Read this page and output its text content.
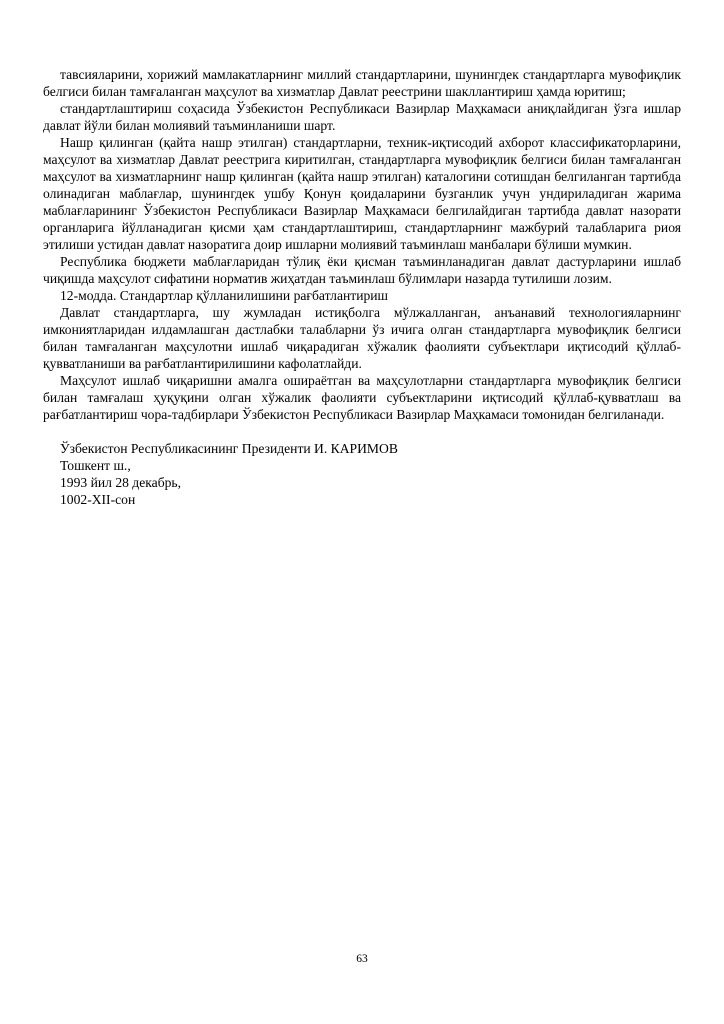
тавсияларини, хорижий мамлакатларнинг миллий стандартларини, шунингдек стандартларга мувофиқлик белгиси билан тамғаланган маҳсулот ва хизматлар Давлат реестрини шакллантириш ҳамда юритиш;

стандартлаштириш соҳасида Ўзбекистон Республикаси Вазирлар Маҳкамаси аниқлайдиган ўзга ишлар давлат йўли билан молиявий таъминланиши шарт.

Нашр қилинган (қайта нашр этилган) стандартларни, техник-иқтисодий ахборот классификаторларини, маҳсулот ва хизматлар Давлат реестрига киритилган, стандартларга мувофиқлик белгиси билан тамғаланган маҳсулот ва хизматларнинг нашр қилинган (қайта нашр этилган) каталогини сотишдан белгиланган тартибда олинадиган маблағлар, шунингдек ушбу Қонун қоидаларини бузганлик учун ундириладиган жарима маблағларининг Ўзбекистон Республикаси Вазирлар Маҳкамаси белгилайдиган тартибда давлат назорати органларига йўлланадиган қисми ҳам стандартлаштириш, стандартларнинг мажбурий талабларига риоя этилиши устидан давлат назоратига доир ишларни молиявий таъминлаш манбалари бўлиши мумкин.

Республика бюджети маблағларидан тўлиқ ёки қисман таъминланадиган давлат дастурларини ишлаб чиқишда маҳсулот сифатини норматив жиҳатдан таъминлаш бўлимлари назарда тутилиши лозим.

12-модда. Стандартлар қўлланилишини рағбатлантириш

Давлат стандартларга, шу жумладан истиқболга мўлжалланган, анъанавий технологияларнинг имкониятларидан илдамлашган дастлабки талабларни ўз ичига олган стандартларга мувофиқлик белгиси билан тамғаланган маҳсулотни ишлаб чиқарадиган хўжалик фаолияти субъектлари иқтисодий қўллаб-қувватланиши ва рағбатлантирилишини кафолатлайди.

Маҳсулот ишлаб чиқаришни амалга оширaётган ва маҳсулотларни стандартларга мувофиқлик белгиси билан тамғалаш ҳуқуқини олган хўжалик фаолияти субъектларини иқтисодий қўллаб-қувватлаш ва рағбатлантириш чора-тадбирлари Ўзбекистон Республикаси Вазирлар Маҳкамаси томонидан белгиланади.

Ўзбекистон Республикасининг Президенти И. КАРИМОВ

Тошкент ш.,

1993 йил 28 декабрь,

1002-XII-сон

63
